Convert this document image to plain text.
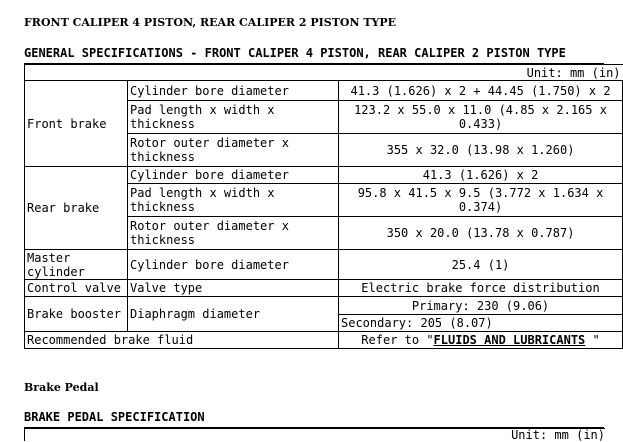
FRONT CALIPER 4 PISTON, REAR CALIPER 2 PISTON TYPE
GENERAL SPECIFICATIONS - FRONT CALIPER 4 PISTON, REAR CALIPER 2 PISTON TYPE
Unit: mm (in)		
Front brake	Cylinder bore diameter	41.3 (1.626) x 2 + 44.45 (1.750) x 2
	Pad length x width x thickness	123.2 x 55.0 x 11.0 (4.85 x 2.165 x 0.433)
	Rotor outer diameter x thickness	355 x 32.0 (13.98 x 1.260)
Rear brake	Cylinder bore diameter	41.3 (1.626) x 2
	Pad length x width x thickness	95.8 x 41.5 x 9.5 (3.772 x 1.634 x 0.374)
	Rotor outer diameter x thickness	350 x 20.0 (13.78 x 0.787)
Master cylinder	Cylinder bore diameter	25.4 (1)
Control valve	Valve type	Electric brake force distribution
Brake booster	Diaphragm diameter	Primary: 230 (9.06)
		Secondary: 205 (8.07)
Recommended brake fluid		Refer to "FLUIDS AND LUBRICANTS "
Brake Pedal
BRAKE PEDAL SPECIFICATION
Unit: mm (in)
